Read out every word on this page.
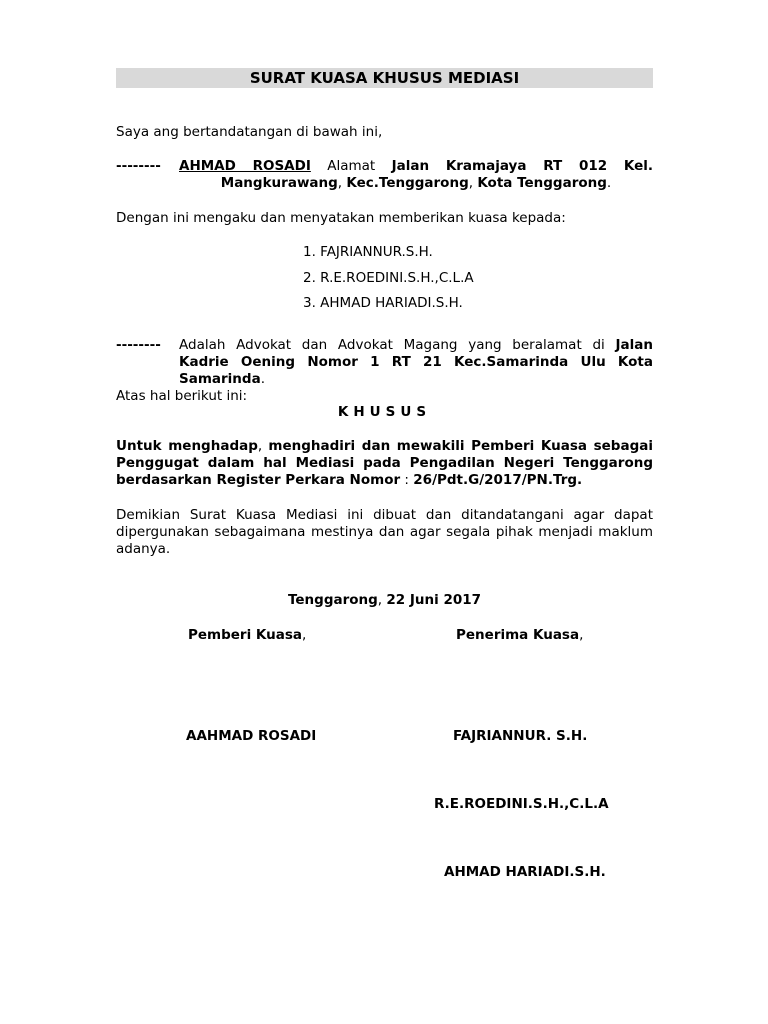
SURAT KUASA KHUSUS MEDIASI
Saya ang bertandatangan di bawah ini,
-------- AHMAD ROSADI Alamat Jalan Kramajaya RT 012 Kel. Mangkurawang, Kec.Tenggarong, Kota Tenggarong.
Dengan ini mengaku dan menyatakan memberikan kuasa kepada:
1. FAJRIANNUR.S.H.
2. R.E.ROEDINI.S.H.,C.L.A
3. AHMAD HARIADI.S.H.
-------- Adalah Advokat dan Advokat Magang yang beralamat di Jalan Kadrie Oening Nomor 1 RT 21 Kec.Samarinda Ulu Kota Samarinda.
Atas hal berikut ini:
KHUSUS
Untuk menghadap, menghadiri dan mewakili Pemberi Kuasa sebagai Penggugat dalam hal Mediasi pada Pengadilan Negeri Tenggarong berdasarkan Register Perkara Nomor : 26/Pdt.G/2017/PN.Trg.
Demikian Surat Kuasa Mediasi ini dibuat dan ditandatangani agar dapat dipergunakan sebagaimana mestinya dan agar segala pihak menjadi maklum adanya.
Tenggarong, 22 Juni 2017
Pemberi Kuasa,	Penerima Kuasa,
AAHMAD ROSADI	FAJRIANNUR. S.H.
R.E.ROEDINI.S.H.,C.L.A
AHMAD HARIADI.S.H.
